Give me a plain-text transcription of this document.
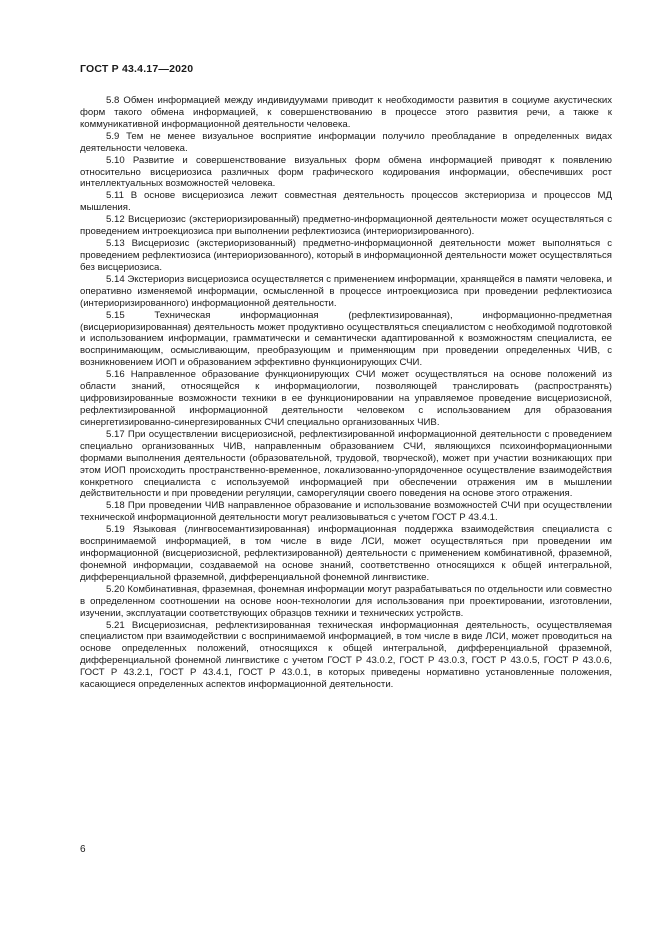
ГОСТ Р 43.4.17—2020

5.8 Обмен информацией между индивидуумами приводит к необходимости развития в социуме акустических форм такого обмена информацией, к совершенствованию в процессе этого развития речи, а также к коммуникативной информационной деятельности человека.

5.9 Тем не менее визуальное восприятие информации получило преобладание в определенных видах деятельности человека.

5.10 Развитие и совершенствование визуальных форм обмена информацией приводят к появлению относительно висцериозиса различных форм графического кодирования информации, обеспечивших рост интеллектуальных возможностей человека.

5.11 В основе висцериозиса лежит совместная деятельность процессов экстериориза и процессов МД мышления.

5.12 Висцериозис (экстериоризированный) предметно-информационной деятельности может осуществляться с проведением интроекциозиса при выполнении рефлектиозиса (интериоризированного).

5.13 Висцериозис (экстериоризованный) предметно-информационной деятельности может выполняться с проведением рефлектиозиса (интериоризованного), который в информационной деятельности может осуществляться без висцериозиса.

5.14 Экстериориз висцериозиса осуществляется с применением информации, хранящейся в памяти человека, и оперативно изменяемой информации, осмысленной в процессе интроекциозиса при проведении рефлектиозиса (интериоризированного) информационной деятельности.

5.15 Техническая информационная (рефлектизированная), информационно-предметная (висцериоризированная) деятельность может продуктивно осуществляться специалистом с необходимой подготовкой и использованием информации, грамматически и семантически адаптированной к возможностям специалиста, ее воспринимающим, осмысливающим, преобразующим и применяющим при проведении определенных ЧИВ, с возникновением ИОП и образованием эффективно функционирующих СЧИ.

5.16 Направленное образование функционирующих СЧИ может осуществляться на основе положений из области знаний, относящейся к информациологии, позволяющей транслировать (распространять) цифровизированные возможности техники в ее функционировании на управляемое проведение висцериозисной, рефлектизированной информационной деятельности человеком с использованием для образования синергетизированно-синергезированных СЧИ специально организованных ЧИВ.

5.17 При осуществлении висцериозисной, рефлектизированной информационной деятельности с проведением специально организованных ЧИВ, направленным образованием СЧИ, являющихся психоинформационными формами выполнения деятельности (образовательной, трудовой, творческой), может при участии возникающих при этом ИОП происходить пространственно-временное, локализованно-упорядоченное осуществление взаимодействия конкретного специалиста с используемой информацией при обеспечении отражения им в мышлении действительности и при проведении регуляции, саморегуляции своего поведения на основе этого отражения.

5.18 При проведении ЧИВ направленное образование и использование возможностей СЧИ при осуществлении технической информационной деятельности могут реализовываться с учетом ГОСТ Р 43.4.1.

5.19 Языковая (лингвосемантизированная) информационная поддержка взаимодействия специалиста с воспринимаемой информацией, в том числе в виде ЛСИ, может осуществляться при проведении им информационной (висцериозисной, рефлектизированной) деятельности с применением комбинативной, фраземной, фонемной информации, создаваемой на основе знаний, соответственно относящихся к общей интегральной, дифференциальной фраземной, дифференциальной фонемной лингвистике.

5.20 Комбинативная, фраземная, фонемная информации могут разрабатываться по отдельности или совместно в определенном соотношении на основе ноон-технологии для использования при проектировании, изготовлении, изучении, эксплуатации соответствующих образцов техники и технических устройств.

5.21 Висцериозисная, рефлектизированная техническая информационная деятельность, осуществляемая специалистом при взаимодействии с воспринимаемой информацией, в том числе в виде ЛСИ, может проводиться на основе определенных положений, относящихся к общей интегральной, дифференциальной фраземной, дифференциальной фонемной лингвистике с учетом ГОСТ Р 43.0.2, ГОСТ Р 43.0.3, ГОСТ Р 43.0.5, ГОСТ Р 43.0.6, ГОСТ Р 43.2.1, ГОСТ Р 43.4.1, ГОСТ Р 43.0.1, в которых приведены нормативно установленные положения, касающиеся определенных аспектов информационной деятельности.

6
